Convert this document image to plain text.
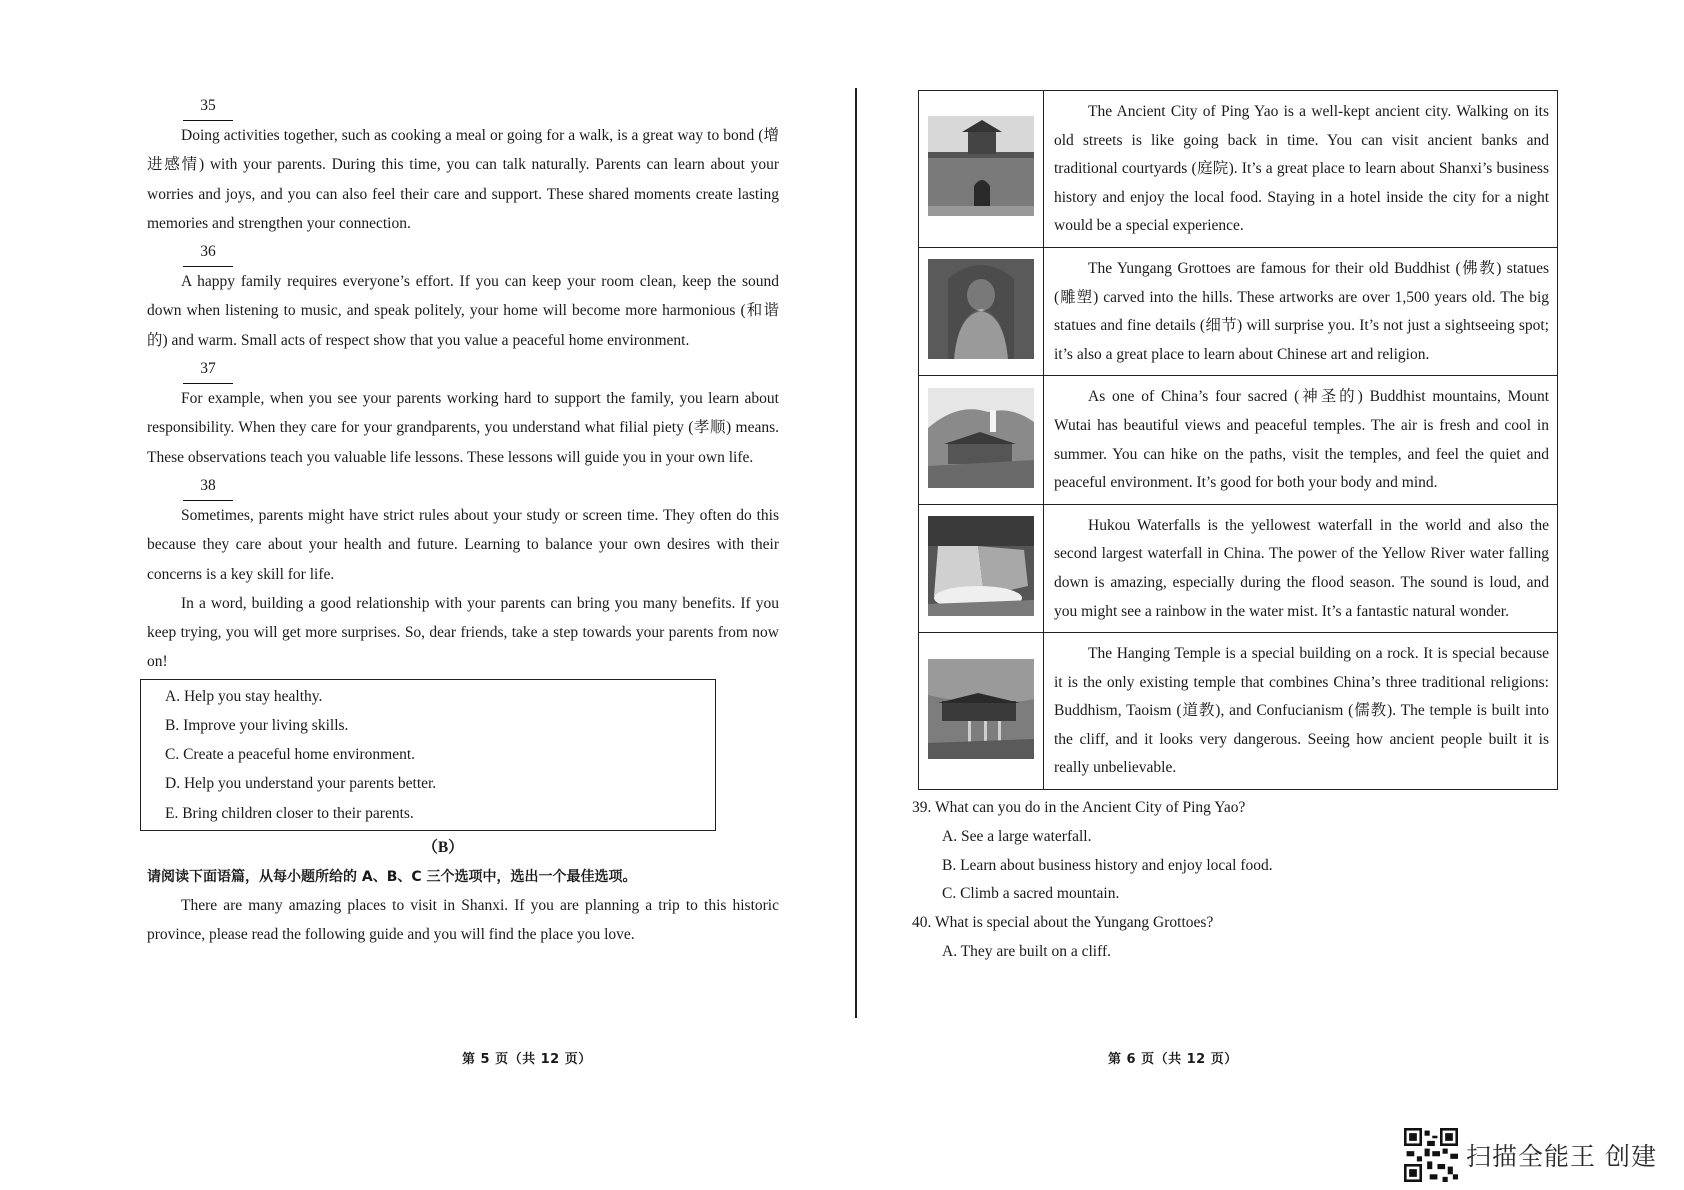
35

Doing activities together, such as cooking a meal or going for a walk, is a great way to bond (增进感情) with your parents. During this time, you can talk naturally. Parents can learn about your worries and joys, and you can also feel their care and support. These shared moments create lasting memories and strengthen your connection.

36

A happy family requires everyone’s effort. If you can keep your room clean, keep the sound down when listening to music, and speak politely, your home will become more harmonious (和谐的) and warm. Small acts of respect show that you value a peaceful home environment.

37

For example, when you see your parents working hard to support the family, you learn about responsibility. When they care for your grandparents, you understand what filial piety (孝顺) means. These observations teach you valuable life lessons. These lessons will guide you in your own life.

38

Sometimes, parents might have strict rules about your study or screen time. They often do this because they care about your health and future. Learning to balance your own desires with their concerns is a key skill for life.

In a word, building a good relationship with your parents can bring you many benefits. If you keep trying, you will get more surprises. So, dear friends, take a step towards your parents from now on!

A. Help you stay healthy.
B. Improve your living skills.
C. Create a peaceful home environment.
D. Help you understand your parents better.
E. Bring children closer to their parents.
（B）
请阅读下面语篇，从每小题所给的 A、B、C 三个选项中，选出一个最佳选项。

There are many amazing places to visit in Shanxi. If you are planning a trip to this historic province, please read the following guide and you will find the place you love.

	The Ancient City of Ping Yao is a well-kept ancient city. Walking on its old streets is like going back in time. You can visit ancient banks and traditional courtyards (庭院). It’s a great place to learn about Shanxi’s business history and enjoy the local food. Staying in a hotel inside the city for a night would be a special experience.
	The Yungang Grottoes are famous for their old Buddhist (佛教) statues (雕塑) carved into the hills. These artworks are over 1,500 years old. The big statues and fine details (细节) will surprise you. It’s not just a sightseeing spot; it’s also a great place to learn about Chinese art and religion.
	As one of China’s four sacred (神圣的) Buddhist mountains, Mount Wutai has beautiful views and peaceful temples. The air is fresh and cool in summer. You can hike on the paths, visit the temples, and feel the quiet and peaceful environment. It’s good for both your body and mind.
	Hukou Waterfalls is the yellowest waterfall in the world and also the second largest waterfall in China. The power of the Yellow River water falling down is amazing, especially during the flood season. The sound is loud, and you might see a rainbow in the water mist. It’s a fantastic natural wonder.
	The Hanging Temple is a special building on a rock. It is special because it is the only existing temple that combines China’s three traditional religions: Buddhism, Taoism (道教), and Confucianism (儒教). The temple is built into the cliff, and it looks very dangerous. Seeing how ancient people built it is really unbelievable.

39. What can you do in the Ancient City of Ping Yao?

A. See a large waterfall.

B. Learn about business history and enjoy local food.

C. Climb a sacred mountain.

40. What is special about the Yungang Grottoes?

A. They are built on a cliff.

第 5 页（共 12 页）	第 6 页（共 12 页）
扫描全能王 创建
